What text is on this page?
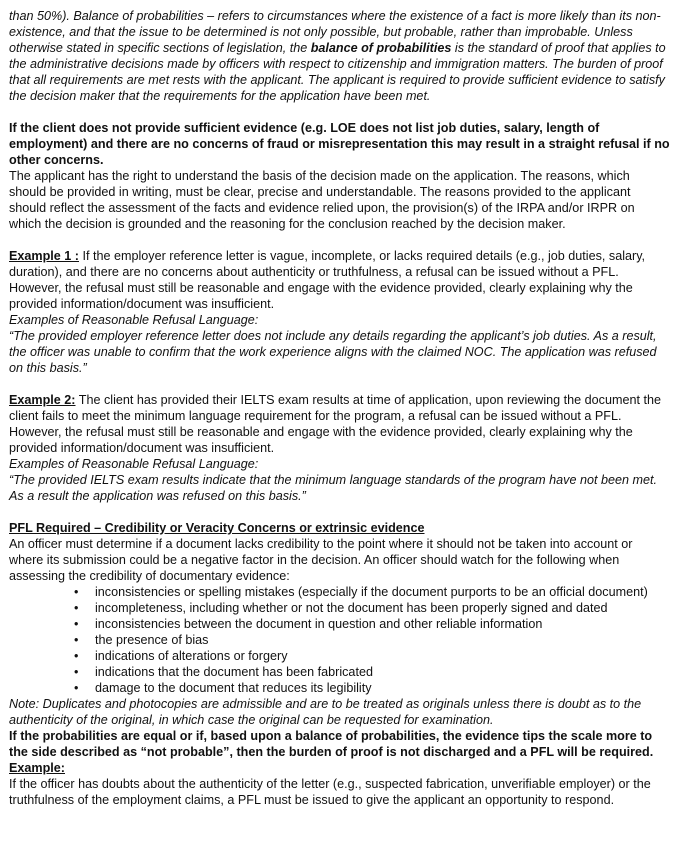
than 50%). Balance of probabilities – refers to circumstances where the existence of a fact is more likely than its non-existence, and that the issue to be determined is not only possible, but probable, rather than improbable. Unless otherwise stated in specific sections of legislation, the balance of probabilities is the standard of proof that applies to the administrative decisions made by officers with respect to citizenship and immigration matters. The burden of proof that all requirements are met rests with the applicant. The applicant is required to provide sufficient evidence to satisfy the decision maker that the requirements for the application have been met.

If the client does not provide sufficient evidence (e.g. LOE does not list job duties, salary, length of employment) and there are no concerns of fraud or misrepresentation this may result in a straight refusal if no other concerns.

The applicant has the right to understand the basis of the decision made on the application. The reasons, which should be provided in writing, must be clear, precise and understandable. The reasons provided to the applicant should reflect the assessment of the facts and evidence relied upon, the provision(s) of the IRPA and/or IRPR on which the decision is grounded and the reasoning for the conclusion reached by the decision maker.

Example 1 : If the employer reference letter is vague, incomplete, or lacks required details (e.g., job duties, salary, duration), and there are no concerns about authenticity or truthfulness, a refusal can be issued without a PFL. However, the refusal must still be reasonable and engage with the evidence provided, clearly explaining why the provided information/document was insufficient.

Examples of Reasonable Refusal Language:

“The provided employer reference letter does not include any details regarding the applicant’s job duties. As a result, the officer was unable to confirm that the work experience aligns with the claimed NOC. The application was refused on this basis.”

Example 2: The client has provided their IELTS exam results at time of application, upon reviewing the document the client fails to meet the minimum language requirement for the program, a refusal can be issued without a PFL. However, the refusal must still be reasonable and engage with the evidence provided, clearly explaining why the provided information/document was insufficient.

Examples of Reasonable Refusal Language:

“The provided IELTS exam results indicate that the minimum language standards of the program have not been met. As a result the application was refused on this basis.”

PFL Required – Credibility or Veracity Concerns or extrinsic evidence

An officer must determine if a document lacks credibility to the point where it should not be taken into account or where its submission could be a negative factor in the decision. An officer should watch for the following when assessing the credibility of documentary evidence:

• inconsistencies or spelling mistakes (especially if the document purports to be an official document)
• incompleteness, including whether or not the document has been properly signed and dated
• inconsistencies between the document in question and other reliable information
• the presence of bias
• indications of alterations or forgery
• indications that the document has been fabricated
• damage to the document that reduces its legibility

Note: Duplicates and photocopies are admissible and are to be treated as originals unless there is doubt as to the authenticity of the original, in which case the original can be requested for examination.

If the probabilities are equal or if, based upon a balance of probabilities, the evidence tips the scale more to the side described as “not probable”, then the burden of proof is not discharged and a PFL will be required.

Example:

If the officer has doubts about the authenticity of the letter (e.g., suspected fabrication, unverifiable employer) or the truthfulness of the employment claims, a PFL must be issued to give the applicant an opportunity to respond.
